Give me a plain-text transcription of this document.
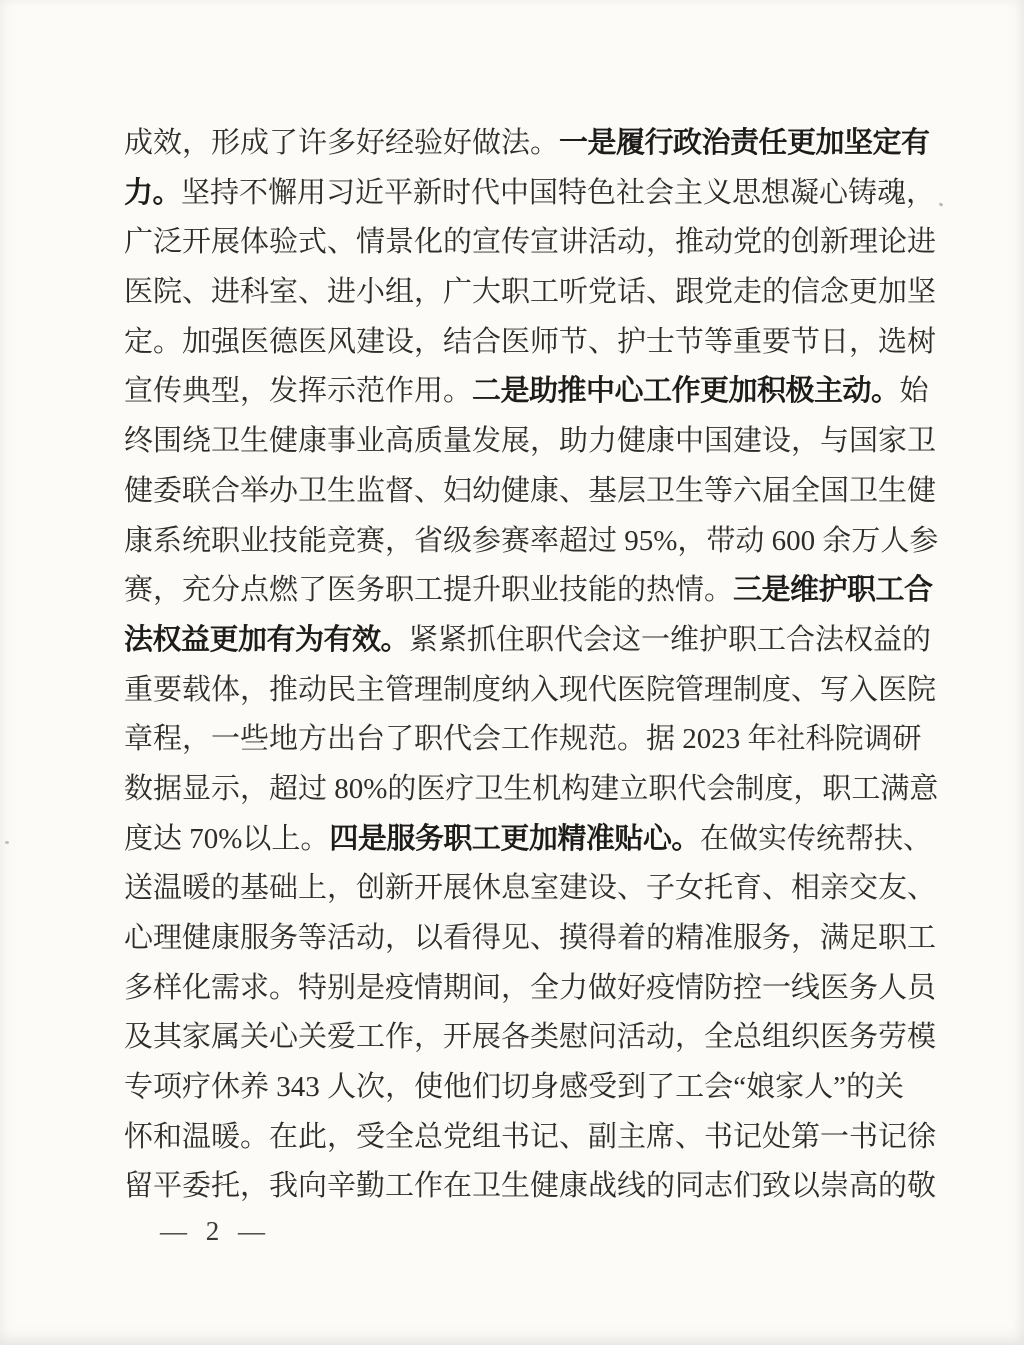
成效，形成了许多好经验好做法。一是履行政治责任更加坚定有
力。坚持不懈用习近平新时代中国特色社会主义思想凝心铸魂，
广泛开展体验式、情景化的宣传宣讲活动，推动党的创新理论进
医院、进科室、进小组，广大职工听党话、跟党走的信念更加坚
定。加强医德医风建设，结合医师节、护士节等重要节日，选树
宣传典型，发挥示范作用。二是助推中心工作更加积极主动。始
终围绕卫生健康事业高质量发展，助力健康中国建设，与国家卫
健委联合举办卫生监督、妇幼健康、基层卫生等六届全国卫生健
康系统职业技能竞赛，省级参赛率超过 95%，带动 600 余万人参
赛，充分点燃了医务职工提升职业技能的热情。三是维护职工合
法权益更加有为有效。紧紧抓住职代会这一维护职工合法权益的
重要载体，推动民主管理制度纳入现代医院管理制度、写入医院
章程，一些地方出台了职代会工作规范。据 2023 年社科院调研
数据显示，超过 80%的医疗卫生机构建立职代会制度，职工满意
度达 70%以上。四是服务职工更加精准贴心。在做实传统帮扶、
送温暖的基础上，创新开展休息室建设、子女托育、相亲交友、
心理健康服务等活动，以看得见、摸得着的精准服务，满足职工
多样化需求。特别是疫情期间，全力做好疫情防控一线医务人员
及其家属关心关爱工作，开展各类慰问活动，全总组织医务劳模
专项疗休养 343 人次，使他们切身感受到了工会“娘家人”的关
怀和温暖。在此，受全总党组书记、副主席、书记处第一书记徐
留平委托，我向辛勤工作在卫生健康战线的同志们致以崇高的敬
— 2 —
